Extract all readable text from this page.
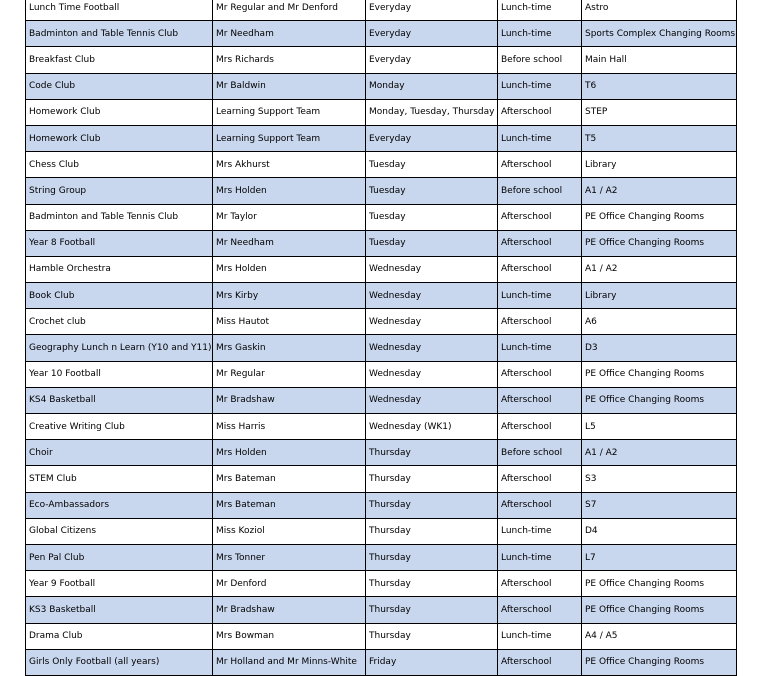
Lunch Time Football	Mr Regular and Mr Denford	Everyday	Lunch-time	Astro
Badminton and Table Tennis Club	Mr Needham	Everyday	Lunch-time	Sports Complex Changing Rooms
Breakfast Club	Mrs Richards	Everyday	Before school	Main Hall
Code Club	Mr Baldwin	Monday	Lunch-time	T6
Homework Club	Learning Support Team	Monday, Tuesday, Thursday	Afterschool	STEP
Homework Club	Learning Support Team	Everyday	Lunch-time	T5
Chess Club	Mrs Akhurst	Tuesday	Afterschool	Library
String Group	Mrs Holden	Tuesday	Before school	A1 / A2
Badminton and Table Tennis Club	Mr Taylor	Tuesday	Afterschool	PE Office Changing Rooms
Year 8 Football	Mr Needham	Tuesday	Afterschool	PE Office Changing Rooms
Hamble Orchestra	Mrs Holden	Wednesday	Afterschool	A1 / A2
Book Club	Mrs Kirby	Wednesday	Lunch-time	Library
Crochet club	Miss Hautot	Wednesday	Afterschool	A6
Geography Lunch n Learn (Y10 and Y11)	Mrs Gaskin	Wednesday	Lunch-time	D3
Year 10 Football	Mr Regular	Wednesday	Afterschool	PE Office Changing Rooms
KS4 Basketball	Mr Bradshaw	Wednesday	Afterschool	PE Office Changing Rooms
Creative Writing Club	Miss Harris	Wednesday (WK1)	Afterschool	L5
Choir	Mrs Holden	Thursday	Before school	A1 / A2
STEM Club	Mrs Bateman	Thursday	Afterschool	S3
Eco-Ambassadors	Mrs Bateman	Thursday	Afterschool	S7
Global Citizens	Miss Koziol	Thursday	Lunch-time	D4
Pen Pal Club	Mrs Tonner	Thursday	Lunch-time	L7
Year 9 Football	Mr Denford	Thursday	Afterschool	PE Office Changing Rooms
KS3 Basketball	Mr Bradshaw	Thursday	Afterschool	PE Office Changing Rooms
Drama Club	Mrs Bowman	Thursday	Lunch-time	A4 / A5
Girls Only Football (all years)	Mr Holland and Mr Minns-White	Friday	Afterschool	PE Office Changing Rooms
